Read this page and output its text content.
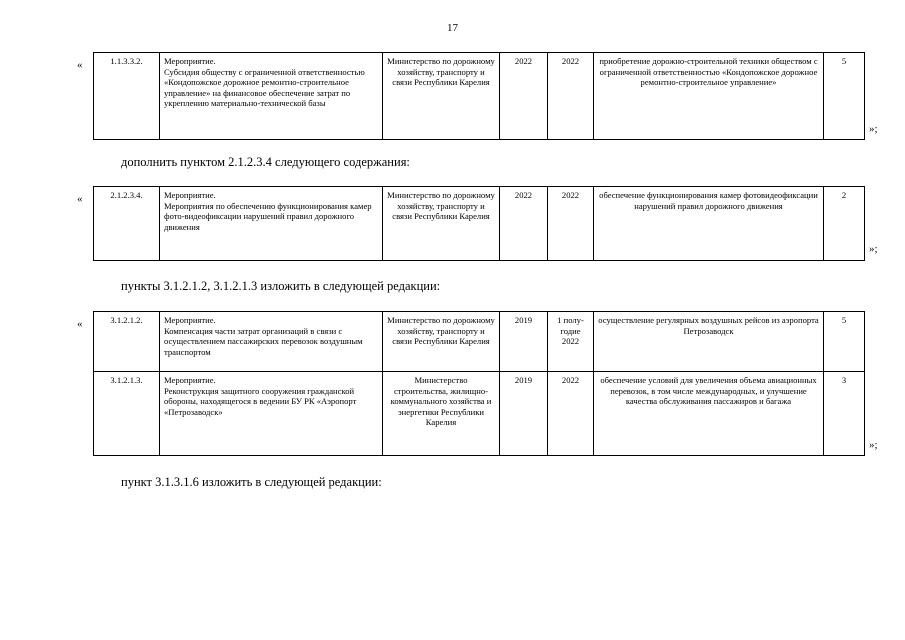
17
«	1.1.3.3.2.	Мероприятие.
Субсидия обществу с ограниченной ответственностью «Кондопожское дорожное ремонтно-строительное управление» на финансовое обеспечение затрат по укреплению материально-технической базы
	Министерство по дорожному хозяйству, транспорту и связи Республики Карелия	2022	2022	приобретение дорожно-строительной техники обществом с ограниченной ответственностью «Кондопожское дорожное ремонтно-строительное управление»	5
»;
дополнить пунктом 2.1.2.3.4 следующего содержания:
«	2.1.2.3.4.	Мероприятие.
Мероприятия по обеспечению функционирования камер фото-видеофиксации нарушений правил дорожного движения
	Министерство по дорожному хозяйству, транспорту и связи Республики Карелия	2022	2022	обеспечение функционирования камер фотовидеофиксации нарушений правил дорожного движения	2
»;
пункты 3.1.2.1.2, 3.1.2.1.3 изложить в следующей редакции:
«	3.1.2.1.2.	Мероприятие.
Компенсация части затрат организаций в связи с осуществлением пассажирских перевозок воздушным транспортом	Министерство по дорожному хозяйству, транспорту и связи Республики Карелия	2019	1 полу-годие 2022	осуществление регулярных воздушных рейсов из аэропорта Петрозаводск	5
3.1.2.1.3.	Мероприятие.
Реконструкция защитного сооружения гражданской обороны, находящегося в ведении БУ РК «Аэропорт «Петрозаводск»	Министерство строительства, жилищно-коммунального хозяйства и энергетики Республики Карелия	2019	2022	обеспечение условий для увеличения объема авиационных перевозок, в том числе международных, и улучшение качества обслуживания пассажиров и багажа	3
»;
пункт 3.1.3.1.6 изложить в следующей редакции:
